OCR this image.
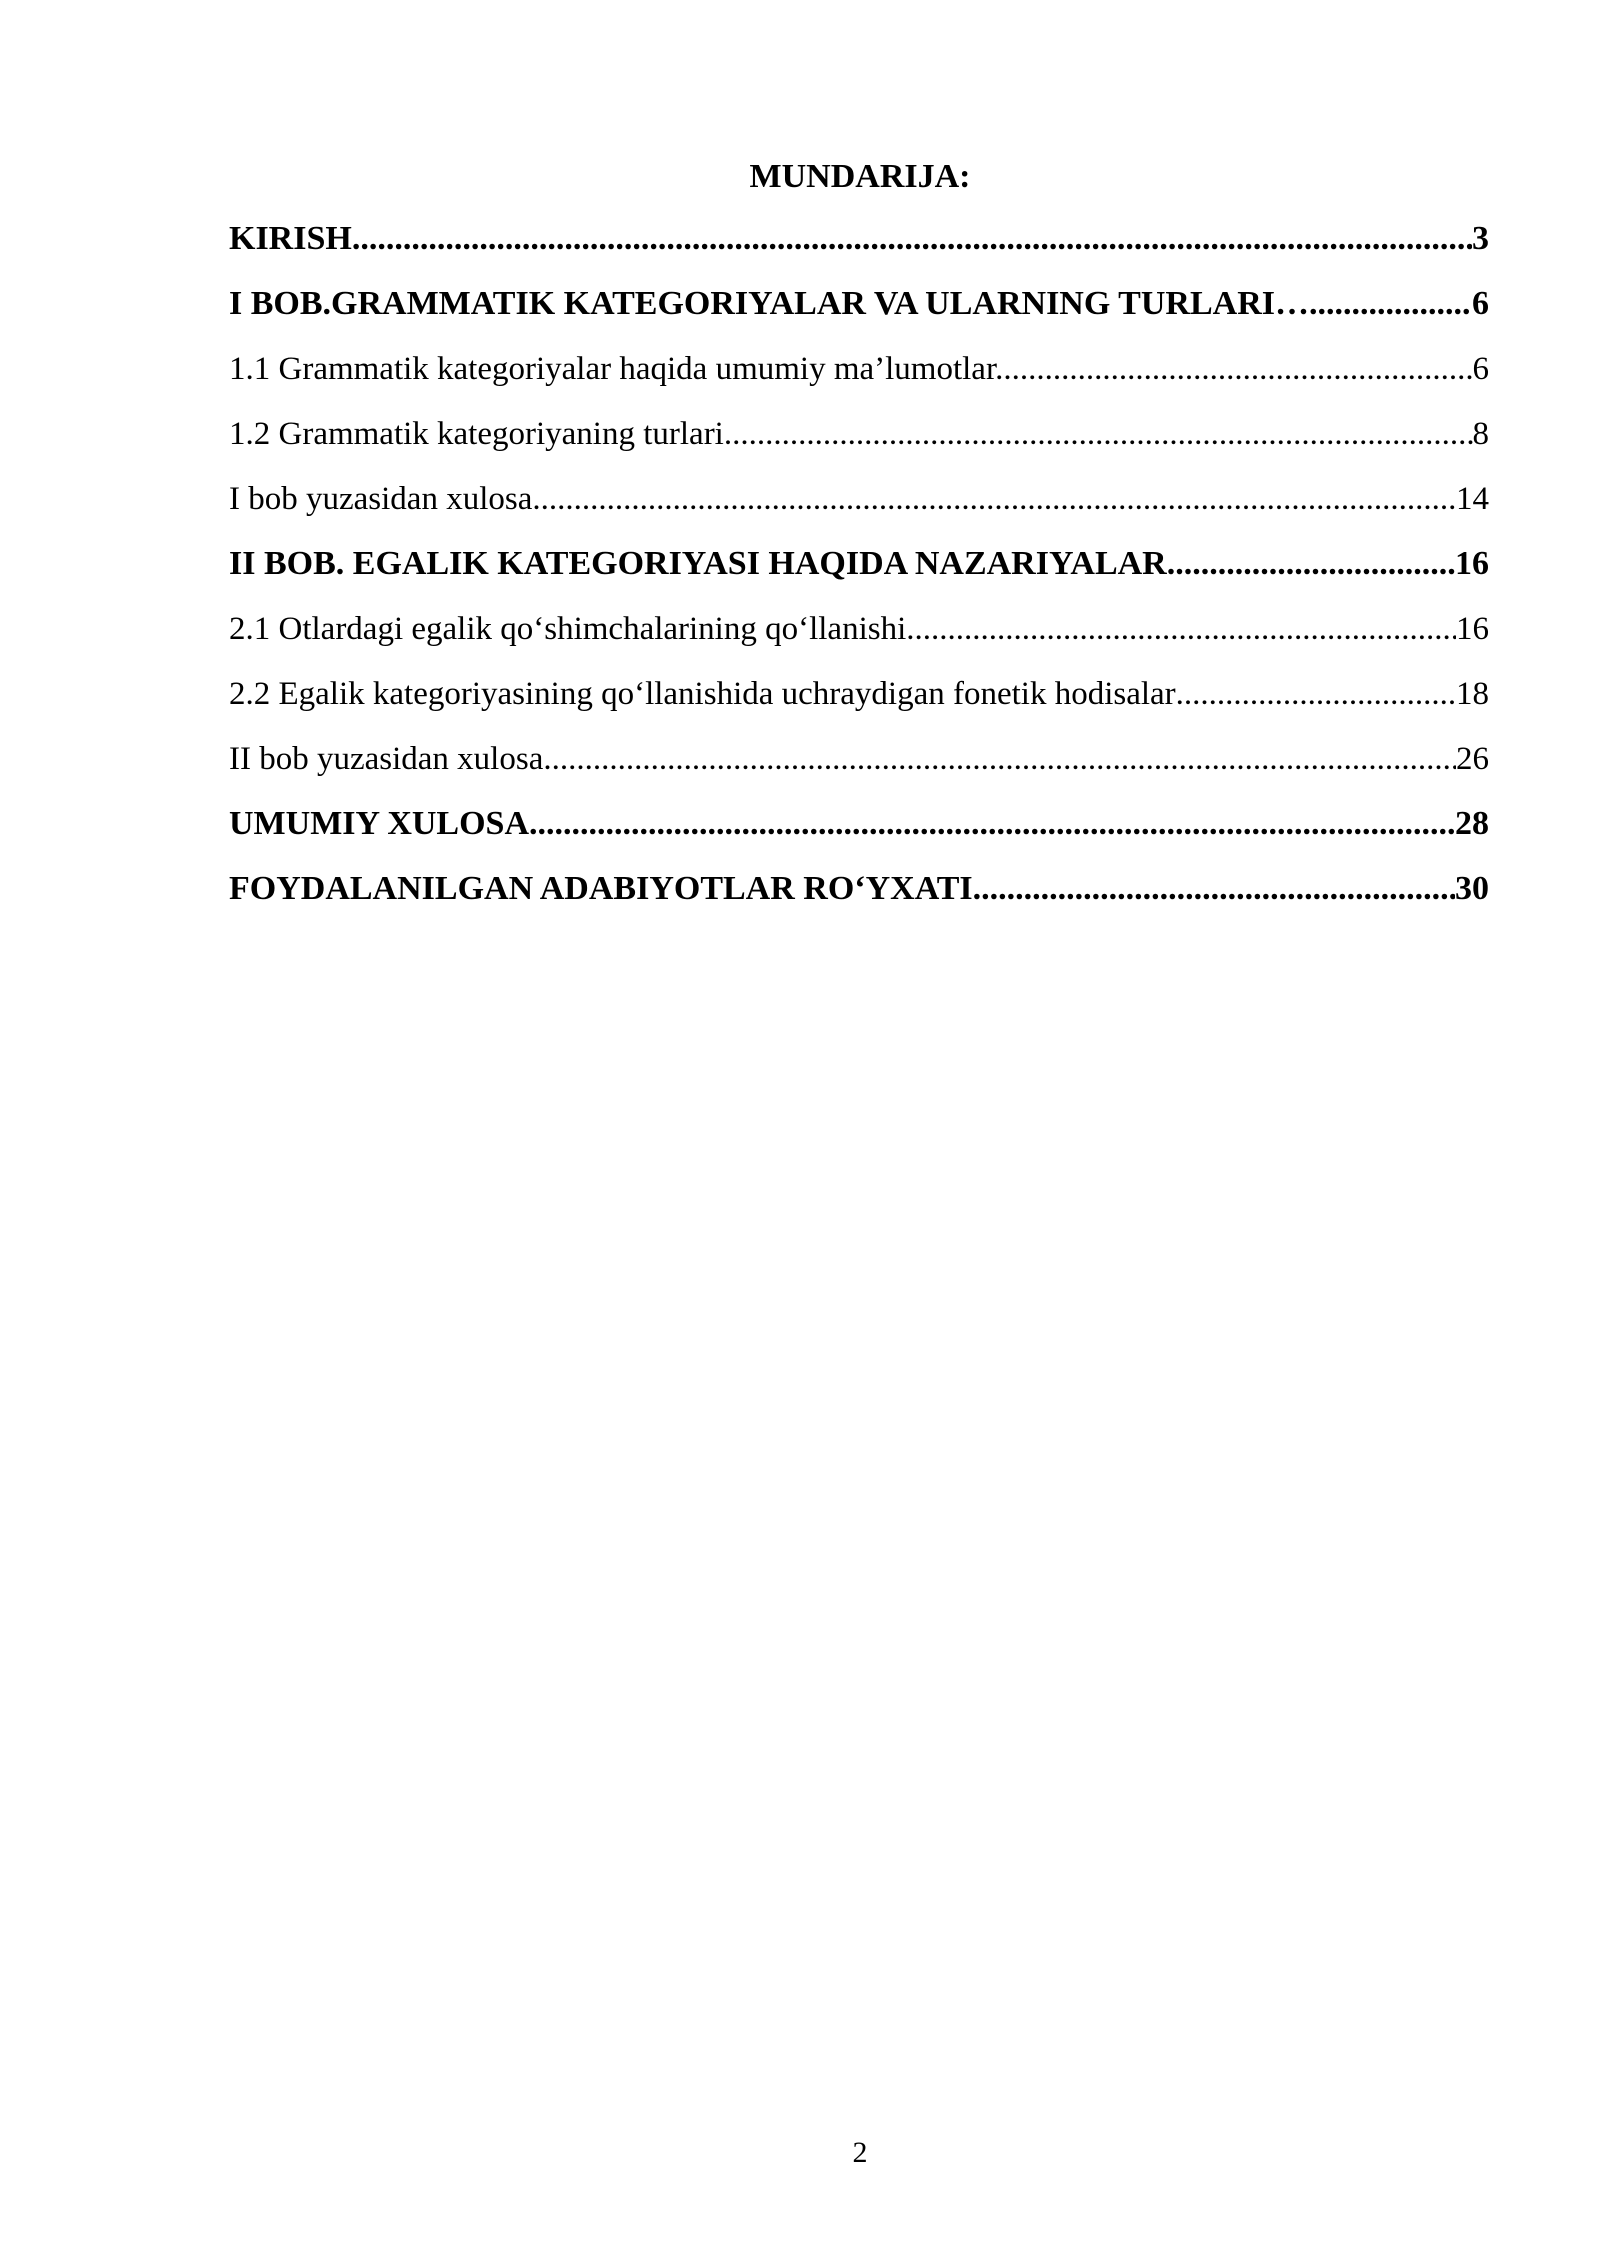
MUNDARIJA:
KIRISH .....	3
I BOB.GRAMMATIK KATEGORIYALAR VA ULARNING TURLARI… .....	6
1.1 Grammatik kategoriyalar haqida umumiy ma’lumotlar. .....	6
1.2 Grammatik kategoriyaning turlari .....	8
I bob yuzasidan xulosa .....	14
II BOB. EGALIK KATEGORIYASI HAQIDA NAZARIYALAR .....	16
2.1 Otlardagi egalik qo‘shimchalarining qo‘llanishi .....	16
2.2 Egalik kategoriyasining qo‘llanishida uchraydigan fonetik hodisalar .....	18
II bob yuzasidan xulosa .....	26
UMUMIY XULOSA .....	28
FOYDALANILGAN ADABIYOTLAR RO‘YXATI .....	30
2
